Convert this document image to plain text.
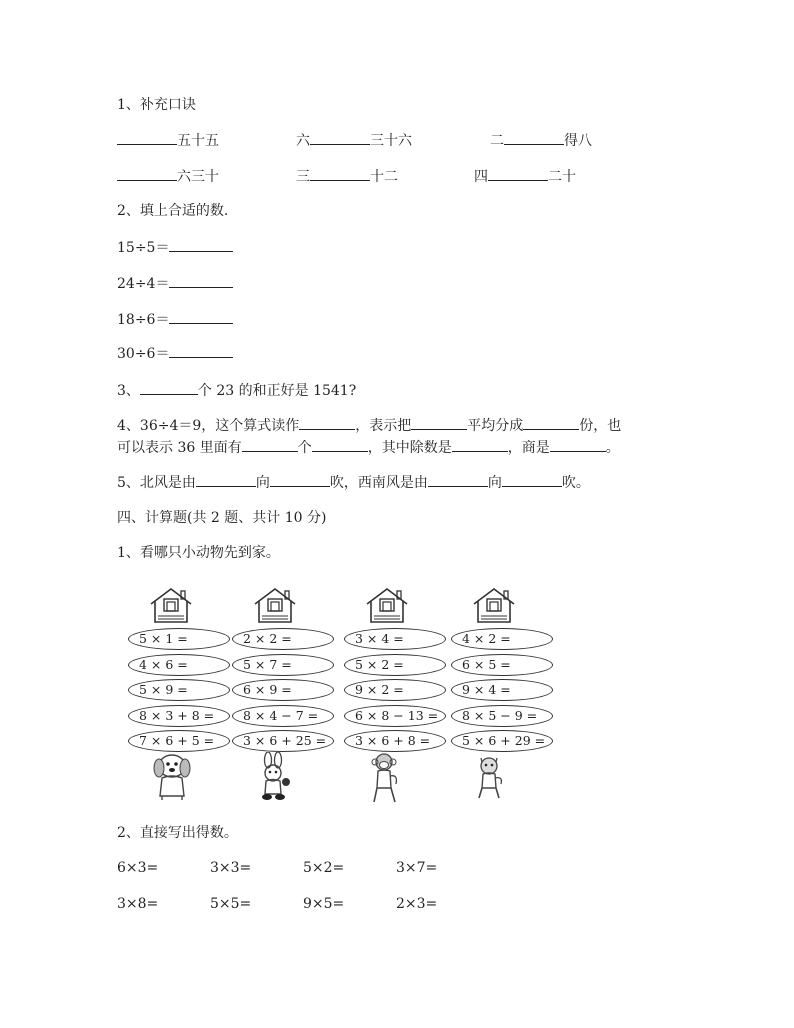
1、补充口诀
五十五	六	三十六	二	得八
六三十	三	十二	四	二十
2、填上合适的数.
15÷5＝
24÷4＝
18÷6＝
30÷6＝
3、	个 23 的和正好是 1541?
4、36÷4＝9，这个算式读作	，表示把	平均分成	份，也
可以表示 36 里面有	个	，其中除数是	，商是	。
5、北风是由	向	吹，西南风是由	向	吹。
四、计算题(共 2 题、共计 10 分)
1、看哪只小动物先到家。
5 × 1 =
4 × 6 =
5 × 9 =
8 × 3 + 8 =
7 × 6 + 5 =
2 × 2 =
5 × 7 =
6 × 9 =
8 × 4 − 7 =
3 × 6 + 25 =
3 × 4 =
5 × 2 =
9 × 2 =
6 × 8 − 13 =
3 × 6 + 8 =
4 × 2 =
6 × 5 =
9 × 4 =
8 × 5 − 9 =
5 × 6 + 29 =
2、直接写出得数。
6×3=	3×3=	5×2=	3×7=
3×8=	5×5=	9×5=	2×3=
